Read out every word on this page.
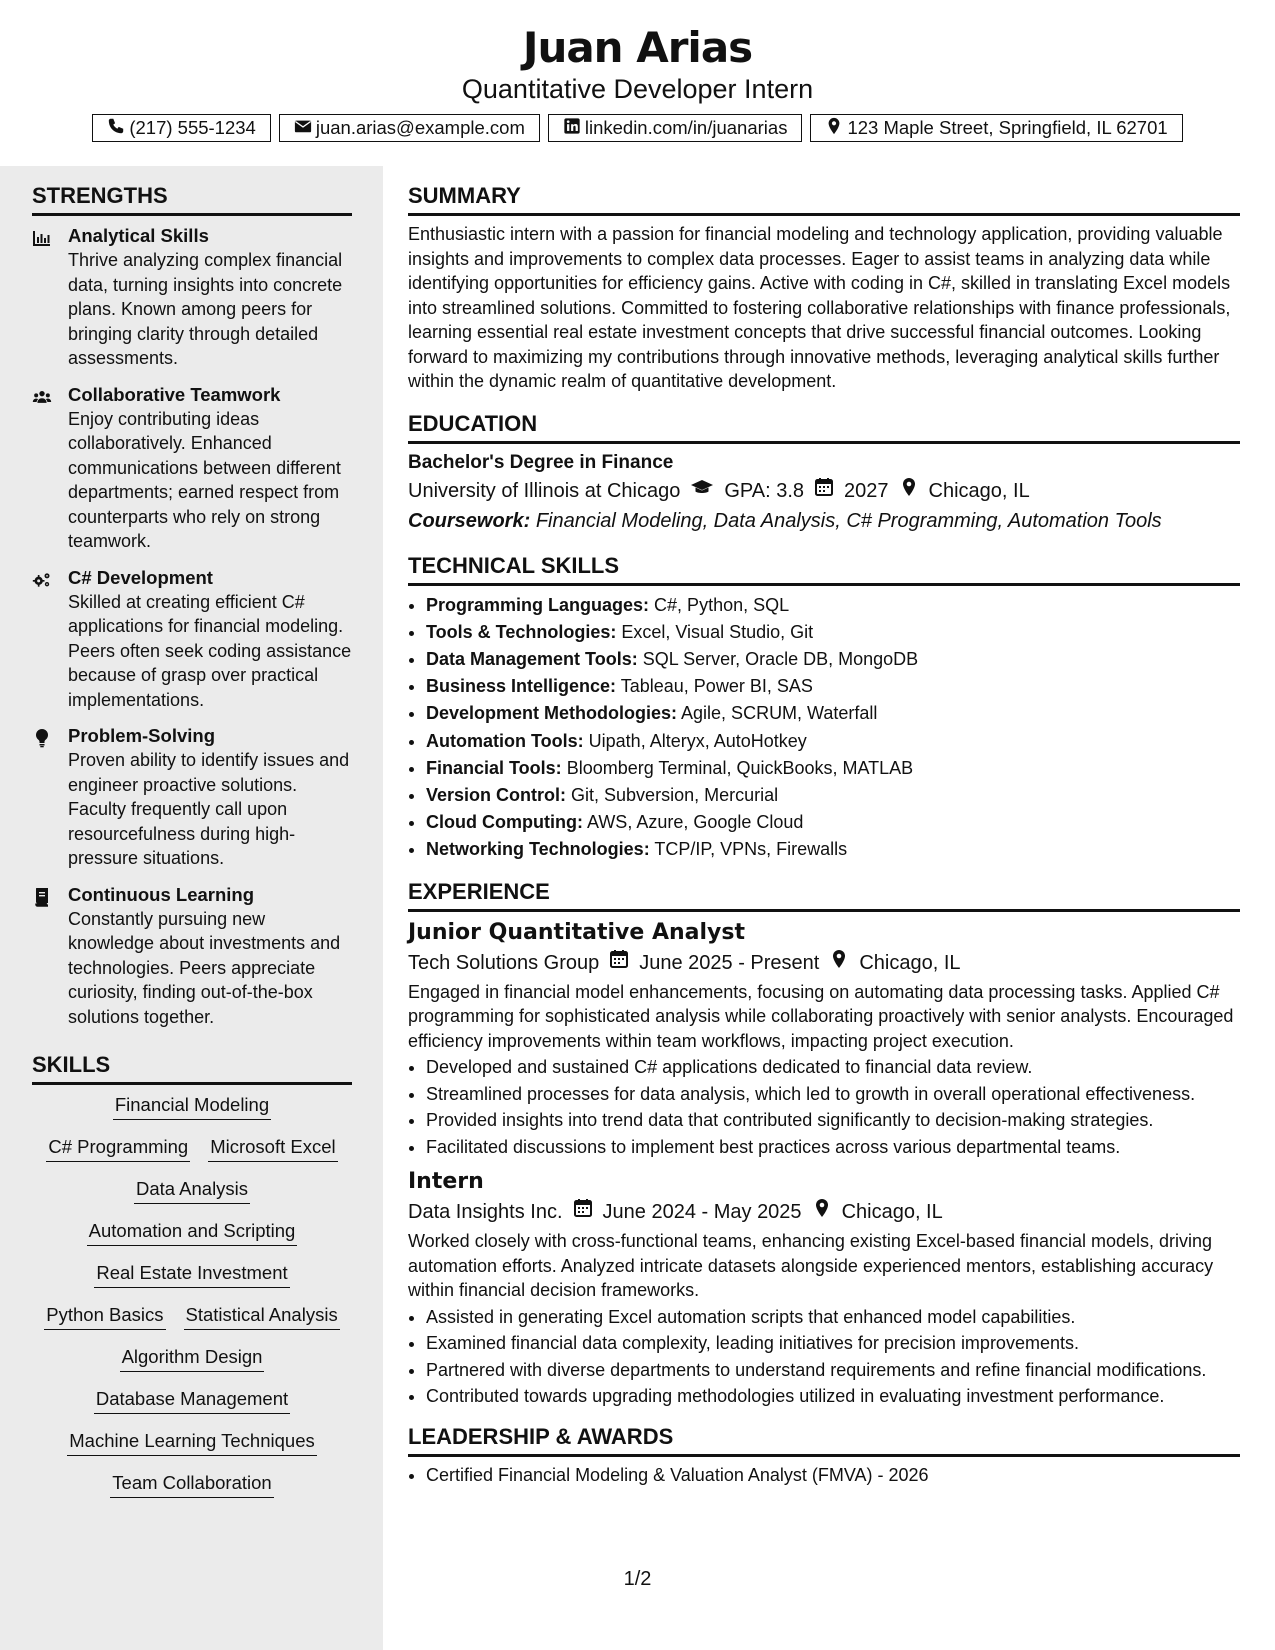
Juan Arias
Quantitative Developer Intern
(217) 555-1234	juan.arias@example.com	linkedin.com/in/juanarias	123 Maple Street, Springfield, IL 62701
STRENGTHS
Analytical Skills
Thrive analyzing complex financial data, turning insights into concrete plans. Known among peers for bringing clarity through detailed assessments.
Collaborative Teamwork
Enjoy contributing ideas collaboratively. Enhanced communications between different departments; earned respect from counterparts who rely on strong teamwork.
C# Development
Skilled at creating efficient C# applications for financial modeling. Peers often seek coding assistance because of grasp over practical implementations.
Problem-Solving
Proven ability to identify issues and engineer proactive solutions. Faculty frequently call upon resourcefulness during high-pressure situations.
Continuous Learning
Constantly pursuing new knowledge about investments and technologies. Peers appreciate curiosity, finding out-of-the-box solutions together.
SKILLS
Financial Modeling
C# Programming Microsoft Excel
Data Analysis
Automation and Scripting
Real Estate Investment
Python Basics Statistical Analysis
Algorithm Design
Database Management
Machine Learning Techniques
Team Collaboration
SUMMARY

Enthusiastic intern with a passion for financial modeling and technology application, providing valuable insights and improvements to complex data processes. Eager to assist teams in analyzing data while identifying opportunities for efficiency gains. Active with coding in C#, skilled in translating Excel models into streamlined solutions. Committed to fostering collaborative relationships with finance professionals, learning essential real estate investment concepts that drive successful financial outcomes. Looking forward to maximizing my contributions through innovative methods, leveraging analytical skills further within the dynamic realm of quantitative development.

EDUCATION
Bachelor's Degree in Finance
University of Illinois at Chicago GPA: 3.8 2027 Chicago, IL
Coursework: Financial Modeling, Data Analysis, C# Programming, Automation Tools
TECHNICAL SKILLS
• Programming Languages: C#, Python, SQL
• Tools & Technologies: Excel, Visual Studio, Git
• Data Management Tools: SQL Server, Oracle DB, MongoDB
• Business Intelligence: Tableau, Power BI, SAS
• Development Methodologies: Agile, SCRUM, Waterfall
• Automation Tools: Uipath, Alteryx, AutoHotkey
• Financial Tools: Bloomberg Terminal, QuickBooks, MATLAB
• Version Control: Git, Subversion, Mercurial
• Cloud Computing: AWS, Azure, Google Cloud
• Networking Technologies: TCP/IP, VPNs, Firewalls
EXPERIENCE
Junior Quantitative Analyst
Tech Solutions Group June 2025 - Present Chicago, IL

Engaged in financial model enhancements, focusing on automating data processing tasks. Applied C# programming for sophisticated analysis while collaborating proactively with senior analysts. Encouraged efficiency improvements within team workflows, impacting project execution.

• Developed and sustained C# applications dedicated to financial data review.
• Streamlined processes for data analysis, which led to growth in overall operational effectiveness.
• Provided insights into trend data that contributed significantly to decision-making strategies.
• Facilitated discussions to implement best practices across various departmental teams.
Intern
Data Insights Inc. June 2024 - May 2025 Chicago, IL

Worked closely with cross-functional teams, enhancing existing Excel-based financial models, driving automation efforts. Analyzed intricate datasets alongside experienced mentors, establishing accuracy within financial decision frameworks.

• Assisted in generating Excel automation scripts that enhanced model capabilities.
• Examined financial data complexity, leading initiatives for precision improvements.
• Partnered with diverse departments to understand requirements and refine financial modifications.
• Contributed towards upgrading methodologies utilized in evaluating investment performance.
LEADERSHIP & AWARDS
• Certified Financial Modeling & Valuation Analyst (FMVA) - 2026
1/2
